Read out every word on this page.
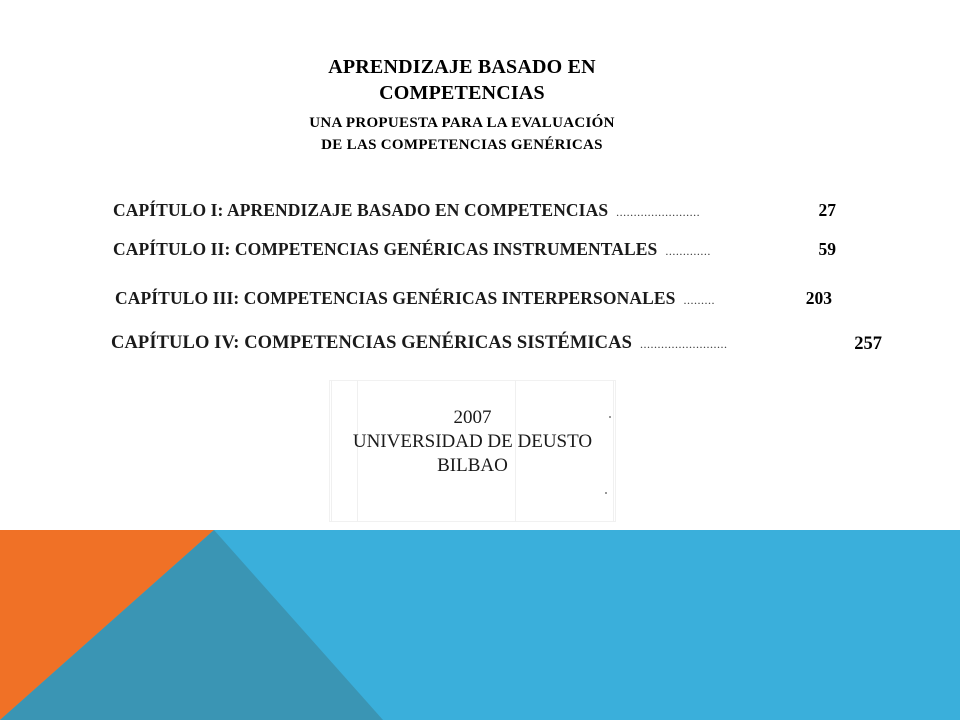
APRENDIZAJE BASADO EN
COMPETENCIAS
UNA PROPUESTA PARA LA EVALUACIÓN
DE LAS COMPETENCIAS GENÉRICAS
CAPÍTULO I: APRENDIZAJE BASADO EN COMPETENCIAS ........................	27
CAPÍTULO II: COMPETENCIAS GENÉRICAS INSTRUMENTALES .............	59
CAPÍTULO III: COMPETENCIAS GENÉRICAS INTERPERSONALES .........	203
CAPÍTULO IV: COMPETENCIAS GENÉRICAS SISTÉMICAS .........................	257
2007
UNIVERSIDAD DE DEUSTO
BILBAO
